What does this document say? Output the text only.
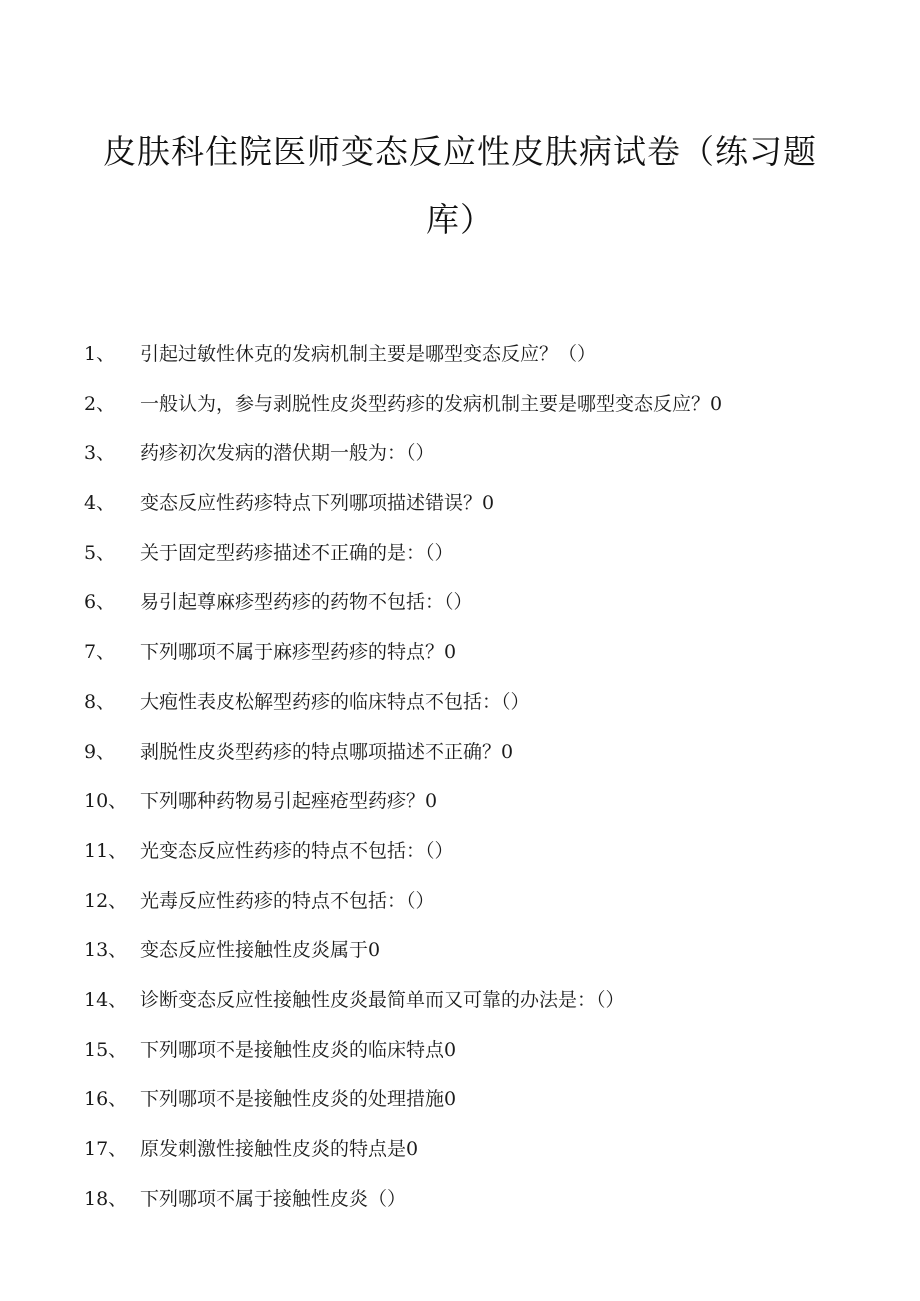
皮肤科住院医师变态反应性皮肤病试卷（练习题
库）
1、 引起过敏性休克的发病机制主要是哪型变态反应？（）
2、 一般认为，参与剥脱性皮炎型药疹的发病机制主要是哪型变态反应？0
3、 药疹初次发病的潜伏期一般为：（）
4、 变态反应性药疹特点下列哪项描述错误？0
5、 关于固定型药疹描述不正确的是：（）
6、 易引起尊麻疹型药疹的药物不包括：（）
7、 下列哪项不属于麻疹型药疹的特点？0
8、 大疱性表皮松解型药疹的临床特点不包括：（）
9、 剥脱性皮炎型药疹的特点哪项描述不正确？0
10、 下列哪种药物易引起痤疮型药疹？0
11、 光变态反应性药疹的特点不包括：（）
12、 光毒反应性药疹的特点不包括：（）
13、 变态反应性接触性皮炎属于0
14、 诊断变态反应性接触性皮炎最简单而又可靠的办法是：（）
15、 下列哪项不是接触性皮炎的临床特点0
16、 下列哪项不是接触性皮炎的处理措施0
17、 原发刺激性接触性皮炎的特点是0
18、 下列哪项不属于接触性皮炎（）
